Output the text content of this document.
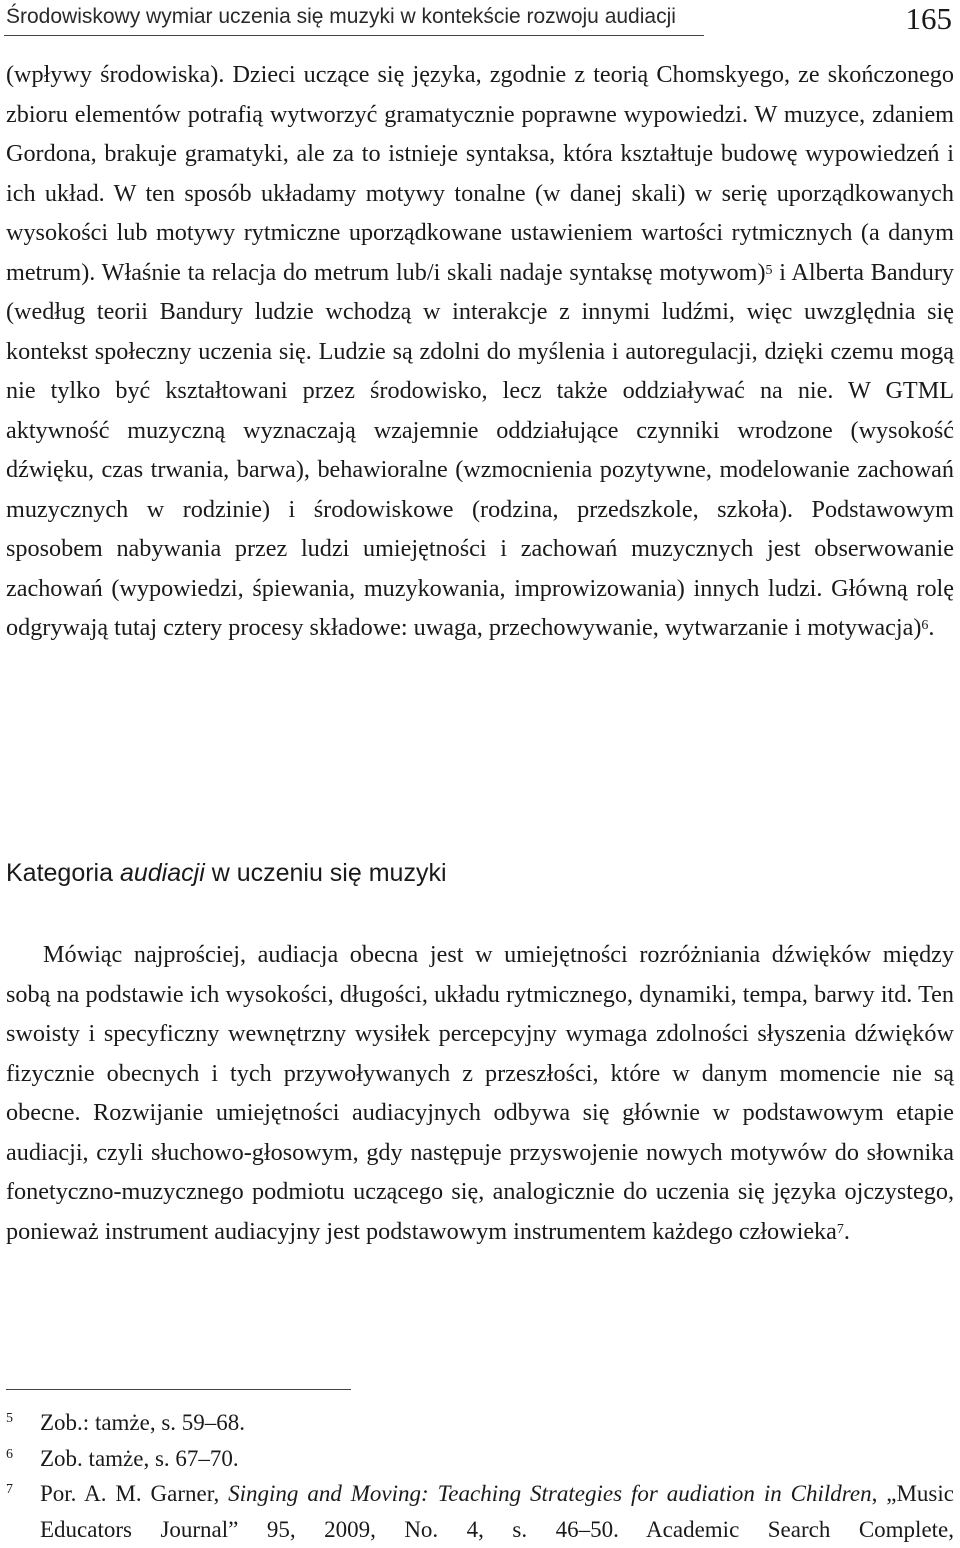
Środowiskowy wymiar uczenia się muzyki w kontekście rozwoju audiacji	165

(wpływy środowiska). Dzieci uczące się języka, zgodnie z teorią Chomskyego, ze skończonego zbioru elementów potrafią wytworzyć gramatycznie poprawne wypowiedzi. W muzyce, zdaniem Gordona, brakuje gramatyki, ale za to istnieje syntaksa, która kształtuje budowę wypowiedzeń i ich układ. W ten sposób układamy motywy tonalne (w danej skali) w serię uporządkowanych wysokości lub motywy rytmiczne uporządkowane ustawieniem wartości rytmicznych (a danym metrum). Właśnie ta relacja do metrum lub/i skali nadaje syntaksę motywom)$^5$ i Alberta Bandury (według teorii Bandury ludzie wchodzą w interakcje z innymi ludźmi, więc uwzględnia się kontekst społeczny uczenia się. Ludzie są zdolni do myślenia i autoregulacji, dzięki czemu mogą nie tylko być kształtowani przez środowisko, lecz także oddziaływać na nie. W GTML aktywność muzyczną wyznaczają wzajemnie oddziałujące czynniki wrodzone (wysokość dźwięku, czas trwania, barwa), behawioralne (wzmocnienia pozytywne, modelowanie zachowań muzycznych w rodzinie) i środowiskowe (rodzina, przedszkole, szkoła). Podstawowym sposobem nabywania przez ludzi umiejętności i zachowań muzycznych jest obserwowanie zachowań (wypowiedzi, śpiewania, muzykowania, improwizowania) innych ludzi. Główną rolę odgrywają tutaj cztery procesy składowe: uwaga, przechowywanie, wytwarzanie i motywacja)$^6$.

Kategoria audiacji w uczeniu się muzyki

Mówiąc najprościej, audiacja obecna jest w umiejętności rozróżniania dźwięków między sobą na podstawie ich wysokości, długości, układu rytmicznego, dynamiki, tempa, barwy itd. Ten swoisty i specyficzny wewnętrzny wysiłek percepcyjny wymaga zdolności słyszenia dźwięków fizycznie obecnych i tych przywoływanych z przeszłości, które w danym momencie nie są obecne. Rozwijanie umiejętności audiacyjnych odbywa się głównie w podstawowym etapie audiacji, czyli słuchowo-głosowym, gdy następuje przyswojenie nowych motywów do słownika fonetyczno-muzycznego podmiotu uczącego się, analogicznie do uczenia się języka ojczystego, ponieważ instrument audiacyjny jest podstawowym instrumentem każdego człowieka$^7$.

5 Zob.: tamże, s. 59–68.
6 Zob. tamże, s. 67–70.
7 Por. A. M. Garner, Singing and Moving: Teaching Strategies for audiation in Children, „Music Educators Journal” 95, 2009, No. 4, s. 46–50. Academic Search Complete,
